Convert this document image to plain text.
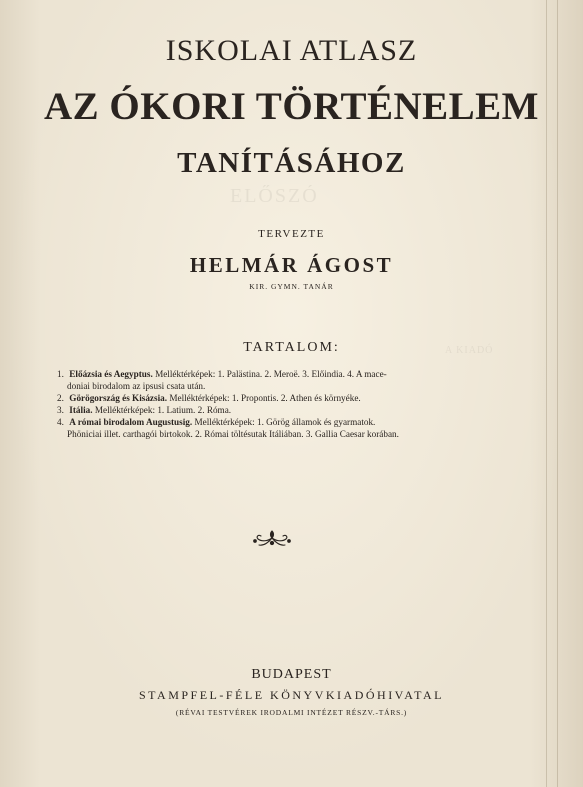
ELŐSZÓ
A KIADÓ
ISKOLAI ATLASZ
AZ ÓKORI TÖRTÉNELEM
TANÍTÁSÁHOZ
TERVEZTE
HELMÁR ÁGOST
KIR. GYMN. TANÁR
TARTALOM:
1. Előázsia és Aegyptus. Melléktérképek: 1. Palästina. 2. Meroë. 3. Előindia. 4. A mace-
doniai birodalom az ipsusi csata után.
2. Görögország és Kisázsia. Melléktérképek: 1. Propontis. 2. Athen és környéke.
3. Itália. Melléktérképek: 1. Latium. 2. Róma.
4. A római birodalom Augustusig. Melléktérképek: 1. Görög államok és gyarmatok.
Phöniciai illet. carthagói birtokok. 2. Római töltésutak Itáliában. 3. Gallia Caesar korában.
BUDAPEST
STAMPFEL-FÉLE KÖNYVKIADÓHIVATAL
(RÉVAI TESTVÉREK IRODALMI INTÉZET RÉSZV.-TÁRS.)
